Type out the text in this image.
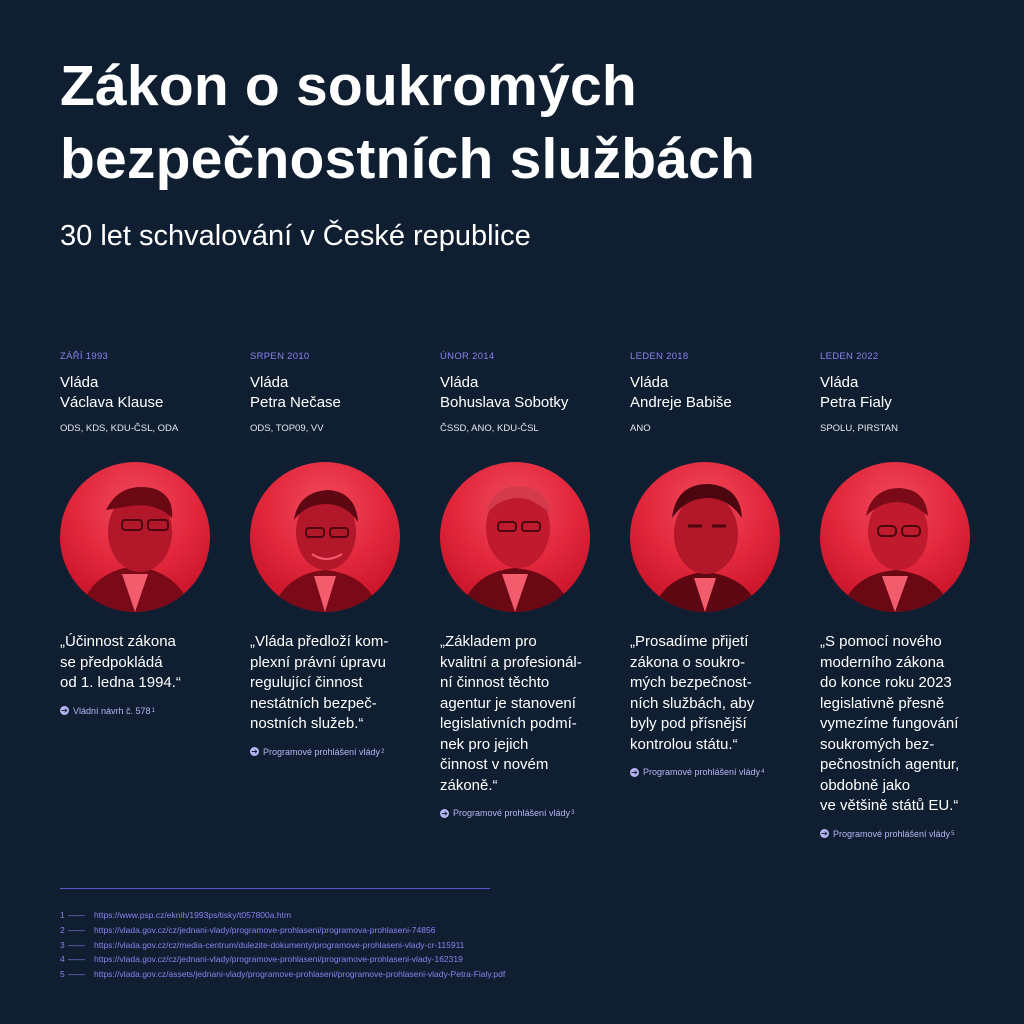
Zákon o soukromých
bezpečnostních službách
30 let schvalování v České republice
ZÁŘÍ 1993
Vláda
Václava Klause
ODS, KDS, KDU-ČSL, ODA
„Účinnost zákona
se předpokládá
od 1. ledna 1994.“
➔ Vládní návrh č. 578 1
SRPEN 2010
Vláda
Petra Nečase
ODS, TOP09, VV
„Vláda předloží kom-
plexní právní úpravu
regulující činnost
nestátních bezpeč-
nostních služeb.“
➔ Programové prohlášení vlády 2
ÚNOR 2014
Vláda
Bohuslava Sobotky
ČSSD, ANO, KDU-ČSL
„Základem pro
kvalitní a profesionál-
ní činnost těchto
agentur je stanovení
legislativních podmí-
nek pro jejich
činnost v novém
zákoně.“
➔ Programové prohlášení vlády 3
LEDEN 2018
Vláda
Andreje Babiše
ANO
„Prosadíme přijetí
zákona o soukro-
mých bezpečnost-
ních službách, aby
byly pod přísnější
kontrolou státu.“
➔ Programové prohlášení vlády 4
LEDEN 2022
Vláda
Petra Fialy
SPOLU, PIRSTAN
„S pomocí nového
moderního zákona
do konce roku 2023
legislativně přesně
vymezíme fungování
soukromých bez-
pečnostních agentur,
obdobně jako
ve většině států EU.“
➔ Programové prohlášení vlády 5
1 ——	https://www.psp.cz/eknih/1993ps/tisky/t057800a.htm
2 ——	https://vlada.gov.cz/cz/jednani-vlady/programove-prohlaseni/programova-prohlaseni-74856
3 ——	https://vlada.gov.cz/cz/media-centrum/dulezite-dokumenty/programove-prohlaseni-vlady-cr-115911
4 ——	https://vlada.gov.cz/cz/jednani-vlady/programove-prohlaseni/programove-prohlaseni-vlady-162319
5 ——	https://vlada.gov.cz/assets/jednani-vlady/programove-prohlaseni/programove-prohlaseni-vlady-Petra-Fialy.pdf
